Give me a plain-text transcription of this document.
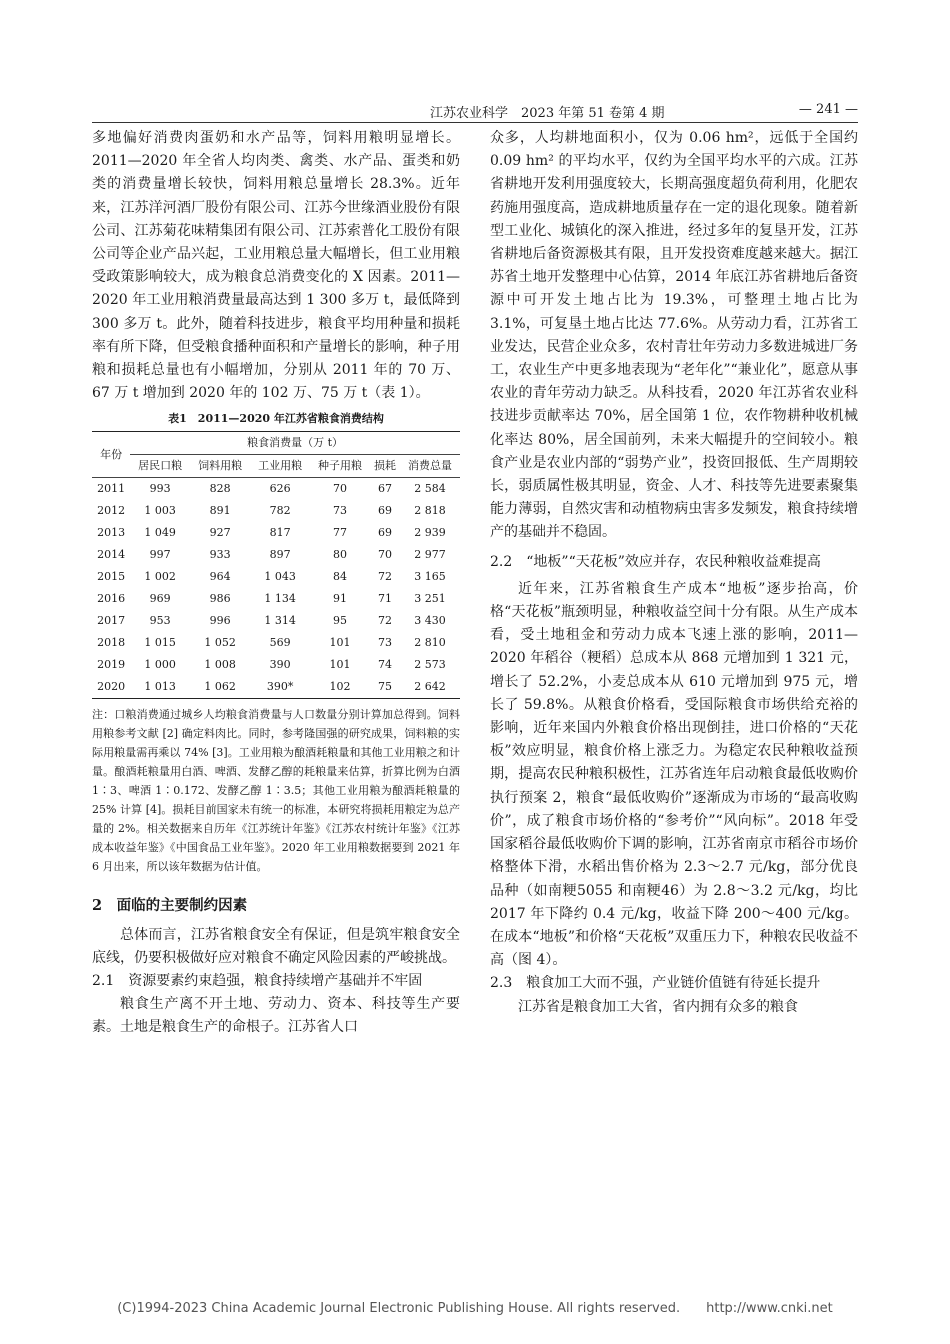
江苏农业科学　2023 年第 51 卷第 4 期	— 241 —

多地偏好消费肉蛋奶和水产品等，饲料用粮明显增长。2011—2020 年全省人均肉类、禽类、水产品、蛋类和奶类的消费量增长较快，饲料用粮总量增长 28.3%。近年来，江苏洋河酒厂股份有限公司、江苏今世缘酒业股份有限公司、江苏菊花味精集团有限公司、江苏索普化工股份有限公司等企业产品兴起，工业用粮总量大幅增长，但工业用粮受政策影响较大，成为粮食总消费变化的 X 因素。2011—2020 年工业用粮消费量最高达到 1 300 多万 t，最低降到 300 多万 t。此外，随着科技进步，粮食平均用种量和损耗率有所下降，但受粮食播种面积和产量增长的影响，种子用粮和损耗总量也有小幅增加，分别从 2011 年的 70 万、67 万 t 增加到 2020 年的 102 万、75 万 t（表 1）。

表1　2011—2020 年江苏省粮食消费结构
年份	粮食消费量（万 t）					
	居民口粮	饲料用粮	工业用粮	种子用粮	损耗	消费总量
2011	993	828	626	70	67	2 584
2012	1 003	891	782	73	69	2 818
2013	1 049	927	817	77	69	2 939
2014	997	933	897	80	70	2 977
2015	1 002	964	1 043	84	72	3 165
2016	969	986	1 134	91	71	3 251
2017	953	996	1 314	95	72	3 430
2018	1 015	1 052	569	101	73	2 810
2019	1 000	1 008	390	101	74	2 573
2020	1 013	1 062	390*	102	75	2 642
注：口粮消费通过城乡人均粮食消费量与人口数量分别计算加总得到。饲料用粮参考文献 [2] 确定料肉比。同时，参考隆国强的研究成果，饲料粮的实际用粮量需再乘以 74% [3]。工业用粮为酿酒耗粮量和其他工业用粮之和计量。酿酒耗粮量用白酒、啤酒、发酵乙醇的耗粮量来估算，折算比例为白酒 1∶3、啤酒 1∶0.172、发酵乙醇 1∶3.5；其他工业用粮为酿酒耗粮量的 25% 计算 [4]。损耗目前国家未有统一的标准，本研究将损耗用粮定为总产量的 2%。相关数据来自历年《江苏统计年鉴》《江苏农村统计年鉴》《江苏成本收益年鉴》《中国食品工业年鉴》。2020 年工业用粮数据要到 2021 年 6 月出来，所以该年数据为估计值。

2　面临的主要制约因素

总体而言，江苏省粮食安全有保证，但是筑牢粮食安全底线，仍要积极做好应对粮食不确定风险因素的严峻挑战。

2.1　资源要素约束趋强，粮食持续增产基础并不牢固

粮食生产离不开土地、劳动力、资本、科技等生产要素。土地是粮食生产的命根子。江苏省人口

众多，人均耕地面积小，仅为 0.06 hm²，远低于全国约 0.09 hm² 的平均水平，仅约为全国平均水平的六成。江苏省耕地开发利用强度较大，长期高强度超负荷利用，化肥农药施用强度高，造成耕地质量存在一定的退化现象。随着新型工业化、城镇化的深入推进，经过多年的复垦开发，江苏省耕地后备资源极其有限，且开发投资难度越来越大。据江苏省土地开发整理中心估算，2014 年底江苏省耕地后备资源中可开发土地占比为 19.3%，可整理土地占比为 3.1%，可复垦土地占比达 77.6%。从劳动力看，江苏省工业发达，民营企业众多，农村青壮年劳动力多数进城进厂务工，农业生产中更多地表现为“老年化”“兼业化”，愿意从事农业的青年劳动力缺乏。从科技看，2020 年江苏省农业科技进步贡献率达 70%，居全国第 1 位，农作物耕种收机械化率达 80%，居全国前列，未来大幅提升的空间较小。粮食产业是农业内部的“弱势产业”，投资回报低、生产周期较长，弱质属性极其明显，资金、人才、科技等先进要素聚集能力薄弱，自然灾害和动植物病虫害多发频发，粮食持续增产的基础并不稳固。

2.2　“地板”“天花板”效应并存，农民种粮收益难提高

近年来，江苏省粮食生产成本“地板”逐步抬高，价格“天花板”瓶颈明显，种粮收益空间十分有限。从生产成本看，受土地租金和劳动力成本飞速上涨的影响，2011—2020 年稻谷（粳稻）总成本从 868 元增加到 1 321 元，增长了 52.2%，小麦总成本从 610 元增加到 975 元，增长了 59.8%。从粮食价格看，受国际粮食市场供给充裕的影响，近年来国内外粮食价格出现倒挂，进口价格的“天花板”效应明显，粮食价格上涨乏力。为稳定农民种粮收益预期，提高农民种粮积极性，江苏省连年启动粮食最低收购价执行预案 2，粮食“最低收购价”逐渐成为市场的“最高收购价”，成了粮食市场价格的“参考价”“风向标”。2018 年受国家稻谷最低收购价下调的影响，江苏省南京市稻谷市场价格整体下滑，水稻出售价格为 2.3～2.7 元/kg，部分优良品种（如南粳5055 和南粳46）为 2.8～3.2 元/kg，均比 2017 年下降约 0.4 元/kg，收益下降 200～400 元/kg。在成本“地板”和价格“天花板”双重压力下，种粮农民收益不高（图 4）。

2.3　粮食加工大而不强，产业链价值链有待延长提升

江苏省是粮食加工大省，省内拥有众多的粮食

(C)1994-2023 China Academic Journal Electronic Publishing House. All rights reserved.　　http://www.cnki.net
